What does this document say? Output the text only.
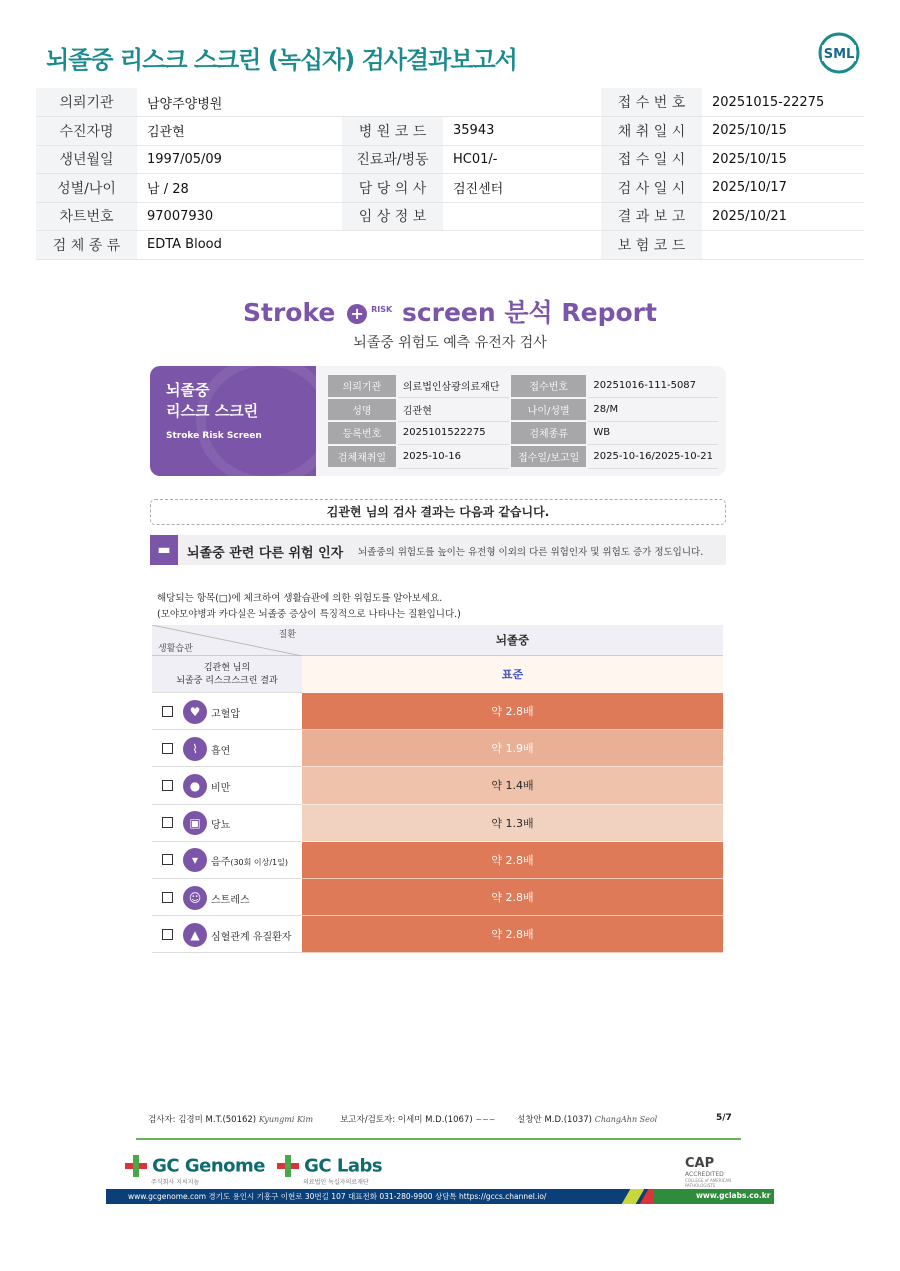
뇌졸중 리스크 스크린 (녹십자) 검사결과보고서	SML
의뢰기관	남양주양병원			접 수 번 호	20251015-22275
수진자명	김관현	병 원 코 드	35943	채 취 일 시	2025/10/15
생년월일	1997/05/09	진료과/병동	HC01/-	접 수 일 시	2025/10/15
성별/나이	남 / 28	담 당 의 사	검진센터	검 사 일 시	2025/10/17
차트번호	97007930	임 상 정 보		결 과 보 고	2025/10/21
검 체 종 류	EDTA Blood			보 험 코 드	
Stroke + $^{RISK}$ screen 분석 Report
뇌졸중 위험도 예측 유전자 검사
뇌졸중
리스크 스크린
Stroke Risk Screen
의뢰기관	의료법인삼광의료재단	접수번호	20251016-111-5087
성명	김관현	나이/성별	28/M
등록번호	2025101522275	검체종류	WB
검체채취일	2025-10-16	접수일/보고일	2025-10-16/2025-10-21
김관현 님의 검사 결과는 다음과 같습니다.
▬	뇌졸중 관련 다른 위험 인자 뇌졸중의 위험도를 높이는 유전형 이외의 다른 위험인자 및 위험도 증가 정도입니다.
해당되는 항목(□)에 체크하여 생활습관에 의한 위험도를 알아보세요.
(모야모야병과 카다실은 뇌졸중 증상이 특징적으로 나타나는 질환입니다.)
질환
생활습관
뇌졸중
김관현 님의
뇌졸중 리스크스크린 결과	표준
♥	고혈압	약 2.8배
⌇	흡연	약 1.9배
●	비만	약 1.4배
▣	당뇨	약 1.3배
▾	음주(30회 이상/1일)	약 2.8배
☺ 스트레스	약 2.8배
▲	심혈관계 유질환자	약 2.8배
검사자: 김경미 M.T.(50162) Kyungmi Kim	보고자/검토자: 이세미 M.D.(1067) ~~~	설창안 M.D.(1037) ChangAhn Seol	5/7
GC Genome
주식회사 지씨지놈
GC Labs
의료법인 녹십자의료재단
CAP
ACCREDITED
COLLEGE of AMERICAN PATHOLOGISTS
www.gcgenome.com 경기도 용인시 기흥구 이현로 30번길 107 대표전화 031-280-9900 상담톡 https://gccs.channel.io/	www.gclabs.co.kr
